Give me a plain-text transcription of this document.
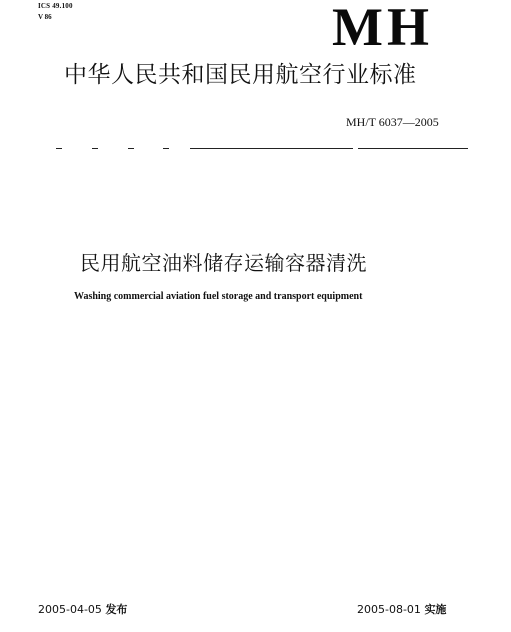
ICS 49.100
V 86	MH
中华人民共和国民用航空行业标准
MH/T 6037—2005
民用航空油料储存运输容器清洗
Washing commercial aviation fuel storage and transport equipment
2005-04-05 发布	2005-08-01 实施
